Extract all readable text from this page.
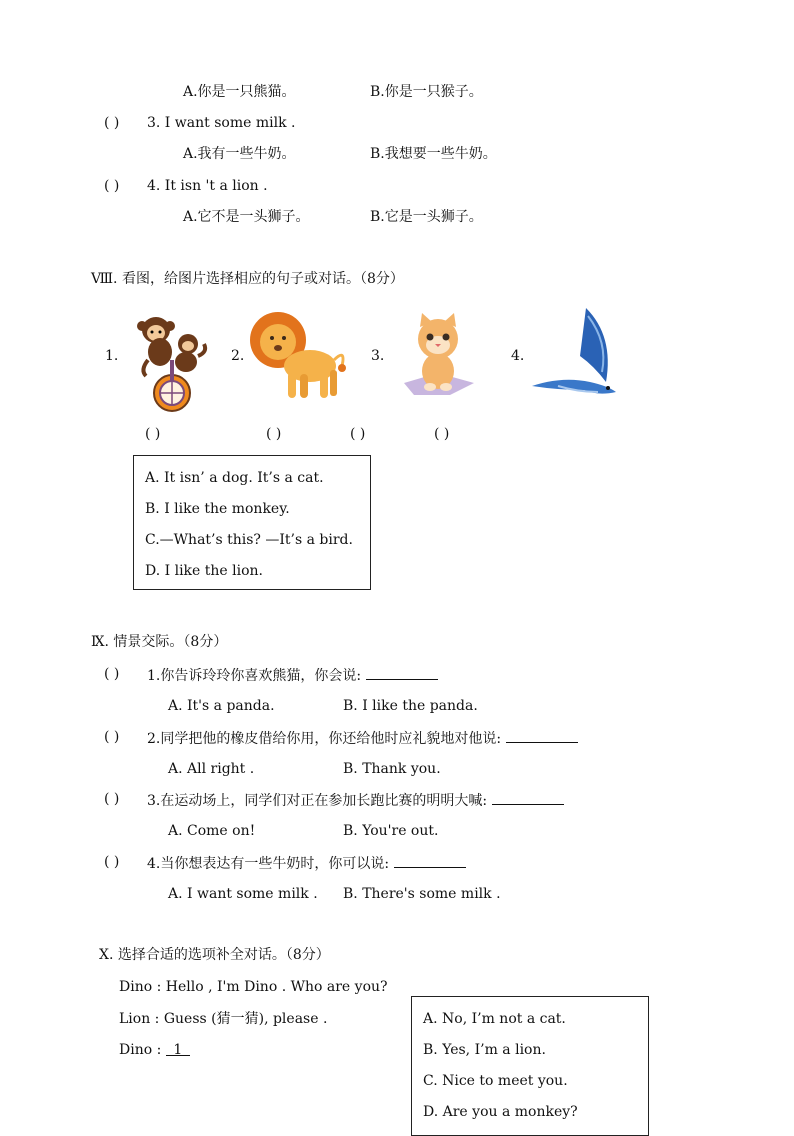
A.你是一只熊猫。	B.你是一只猴子。
( ) 3. I want some milk .
A.我有一些牛奶。	B.我想要一些牛奶。
( ) 4. It isn 't a lion .
A.它不是一头狮子。	B.它是一头狮子。
Ⅷ. 看图，给图片选择相应的句子或对话。（8分）
1.	2.	3.	4.
( )	( )	( )	( )
A. It isn’ a dog. It’s a cat.
B. I like the monkey.
C.—What’s this? —It’s a bird.
D. I like the lion.
Ⅸ. 情景交际。（8分）
( ) 1.你告诉玲玲你喜欢熊猫，你会说:
A. It's a panda.	B. I like the panda.
( ) 2.同学把他的橡皮借给你用，你还给他时应礼貌地对他说:
A. All right .	B. Thank you.
( ) 3.在运动场上，同学们对正在参加长跑比赛的明明大喊:
A. Come on!	B. You're out.
( ) 4.当你想表达有一些牛奶时，你可以说:
A. I want some milk . B. There's some milk .
Ⅹ. 选择合适的选项补全对话。（8分）
Dino : Hello , I'm Dino . Who are you?
Lion : Guess (猜一猜), please .
Dino : 1
A. No, I’m not a cat.
B. Yes, I’m a lion.
C. Nice to meet you.
D. Are you a monkey?
